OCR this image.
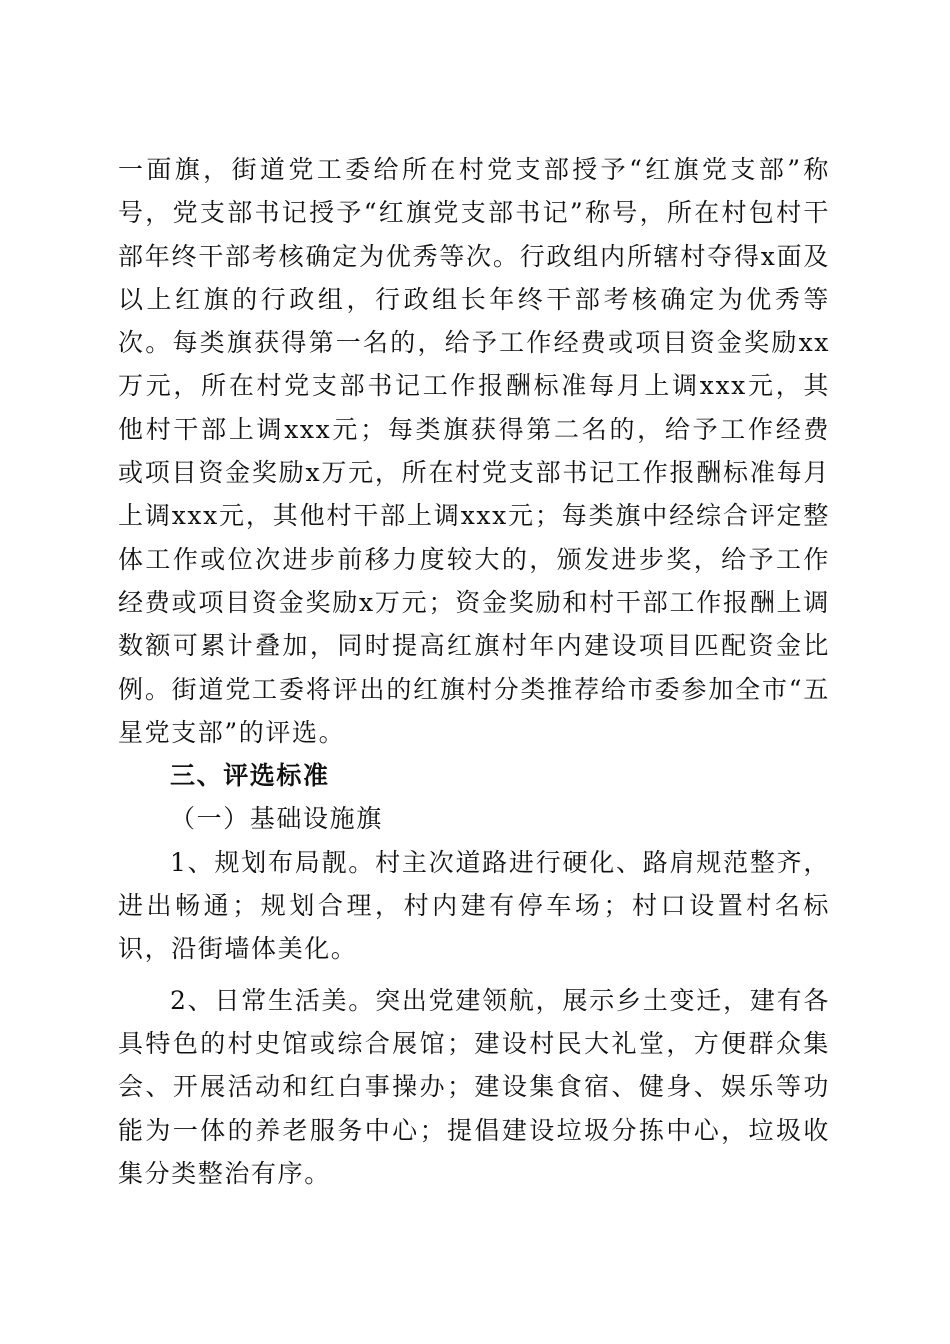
一面旗，街道党工委给所在村党支部授予“红旗党支部”称号，党支部书记授予“红旗党支部书记”称号，所在村包村干部年终干部考核确定为优秀等次。行政组内所辖村夺得x面及以上红旗的行政组，行政组长年终干部考核确定为优秀等次。每类旗获得第一名的，给予工作经费或项目资金奖励xx万元，所在村党支部书记工作报酬标准每月上调xxx元，其他村干部上调xxx元；每类旗获得第二名的，给予工作经费或项目资金奖励x万元，所在村党支部书记工作报酬标准每月上调xxx元，其他村干部上调xxx元；每类旗中经综合评定整体工作或位次进步前移力度较大的，颁发进步奖，给予工作经费或项目资金奖励x万元；资金奖励和村干部工作报酬上调数额可累计叠加，同时提高红旗村年内建设项目匹配资金比例。街道党工委将评出的红旗村分类推荐给市委参加全市“五星党支部”的评选。

三、评选标准

（一）基础设施旗

1、规划布局靓。村主次道路进行硬化、路肩规范整齐，进出畅通；规划合理，村内建有停车场；村口设置村名标识，沿街墙体美化。

2、日常生活美。突出党建领航，展示乡土变迁，建有各具特色的村史馆或综合展馆；建设村民大礼堂，方便群众集会、开展活动和红白事操办；建设集食宿、健身、娱乐等功能为一体的养老服务中心；提倡建设垃圾分拣中心，垃圾收集分类整治有序。
